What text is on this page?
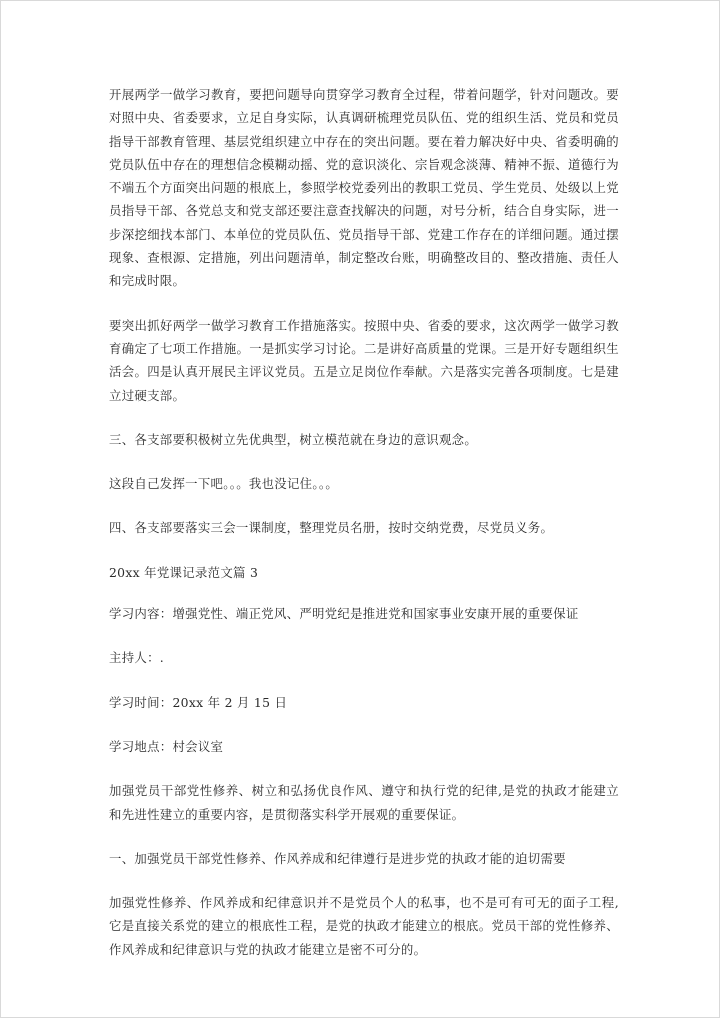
开展两学一做学习教育，要把问题导向贯穿学习教育全过程，带着问题学，针对问题改。要对照中央、省委要求，立足自身实际，认真调研梳理党员队伍、党的组织生活、党员和党员指导干部教育管理、基层党组织建立中存在的突出问题。要在着力解决好中央、省委明确的党员队伍中存在的理想信念模糊动摇、党的意识淡化、宗旨观念淡薄、精神不振、道德行为不端五个方面突出问题的根底上，参照学校党委列出的教职工党员、学生党员、处级以上党员指导干部、各党总支和党支部还要注意查找解决的问题，对号分析，结合自身实际，进一步深挖细找本部门、本单位的党员队伍、党员指导干部、党建工作存在的详细问题。通过摆现象、查根源、定措施，列出问题清单，制定整改台账，明确整改目的、整改措施、责任人和完成时限。

要突出抓好两学一做学习教育工作措施落实。按照中央、省委的要求，这次两学一做学习教育确定了七项工作措施。一是抓实学习讨论。二是讲好高质量的党课。三是开好专题组织生活会。四是认真开展民主评议党员。五是立足岗位作奉献。六是落实完善各项制度。七是建立过硬支部。

三、各支部要积极树立先优典型，树立模范就在身边的意识观念。

这段自己发挥一下吧。。。我也没记住。。。

四、各支部要落实三会一课制度，整理党员名册，按时交纳党费，尽党员义务。

20xx 年党课记录范文篇 3

学习内容：增强党性、端正党风、严明党纪是推进党和国家事业安康开展的重要保证

主持人：.

学习时间：20xx 年 2 月 15 日

学习地点：村会议室

加强党员干部党性修养、树立和弘扬优良作风、遵守和执行党的纪律,是党的执政才能建立和先进性建立的重要内容，是贯彻落实科学开展观的重要保证。

一、加强党员干部党性修养、作风养成和纪律遵行是进步党的执政才能的迫切需要

加强党性修养、作风养成和纪律意识并不是党员个人的私事，也不是可有可无的面子工程,它是直接关系党的建立的根底性工程，是党的执政才能建立的根底。党员干部的党性修养、作风养成和纪律意识与党的执政才能建立是密不可分的。
